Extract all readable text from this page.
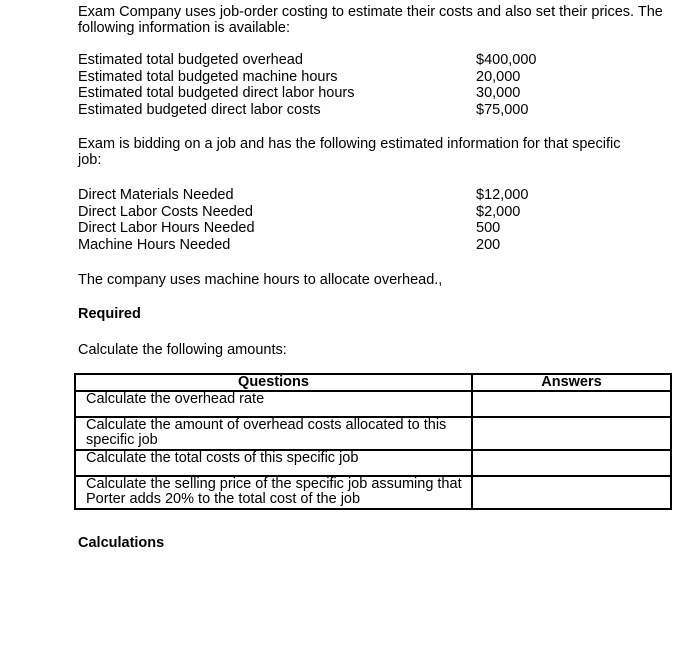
Exam Company uses job-order costing to estimate their costs and also set their prices. The following information is available:

Estimated total budgeted overhead	$400,000
Estimated total budgeted machine hours	20,000
Estimated total budgeted direct labor hours	30,000
Estimated budgeted direct labor costs	$75,000

Exam is bidding on a job and has the following estimated information for that specific job:

Direct Materials Needed	$12,000
Direct Labor Costs Needed	$2,000
Direct Labor Hours Needed	500
Machine Hours Needed	200

The company uses machine hours to allocate overhead.,

Required

Calculate the following amounts:

Questions	Answers
Calculate the overhead rate	
Calculate the amount of overhead costs allocated to this specific job	
Calculate the total costs of this specific job	
Calculate the selling price of the specific job assuming that Porter adds 20% to the total cost of the job	

Calculations
